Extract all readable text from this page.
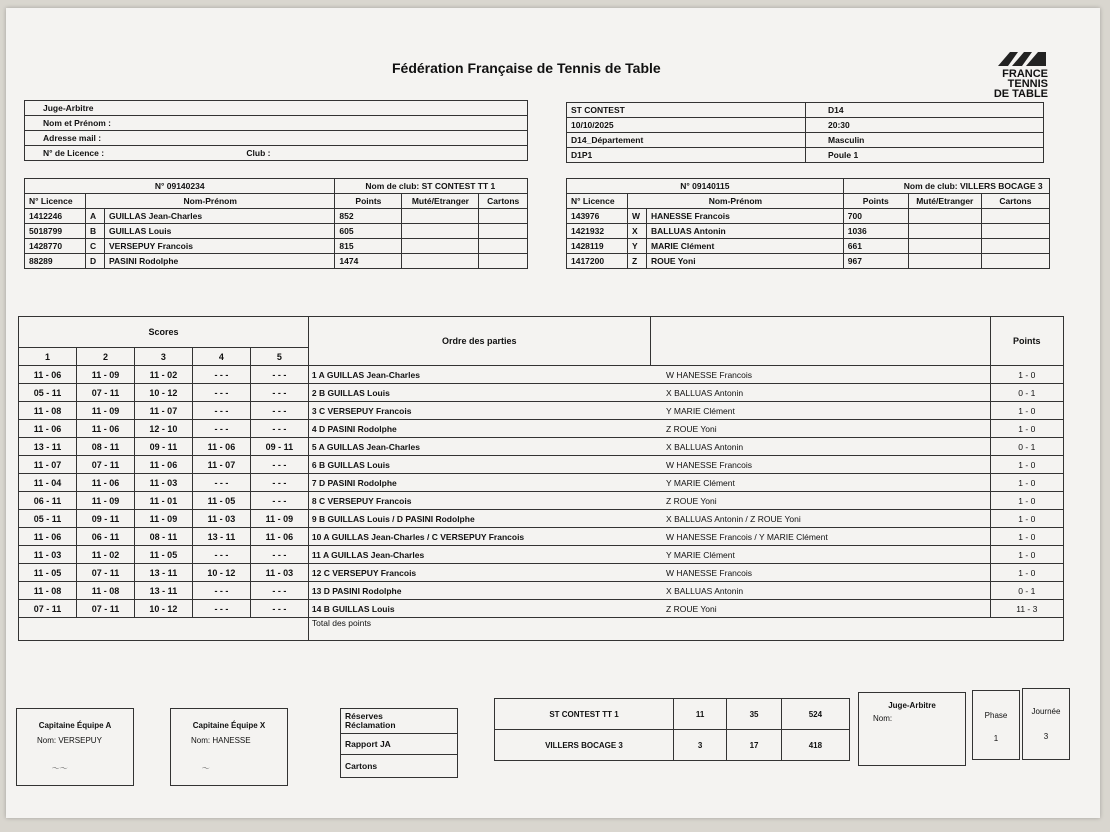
Fédération Française de Tennis de Table	FRANCE
TENNIS
DE TABLE
Juge-Arbitre
Nom et Prénom :
Adresse mail :
N° de Licence :	Club :
ST CONTEST	D14
10/10/2025	20:30
D14_Département	Masculin
D1P1	Poule 1
N° 09140234			Nom de club: ST CONTEST TT 1		
N° Licence	Nom-Prénom		Points	Muté/Etranger	Cartons
1412246	A	GUILLAS Jean-Charles	852		
5018799	B	GUILLAS Louis	605		
1428770	C	VERSEPUY Francois	815		
88289	D	PASINI Rodolphe	1474		
N° 09140115			Nom de club: VILLERS BOCAGE 3		
N° Licence	Nom-Prénom		Points	Muté/Etranger	Cartons
143976	W	HANESSE Francois	700		
1421932	X	BALLUAS Antonin	1036		
1428119	Y	MARIE Clément	661		
1417200	Z	ROUE Yoni	967		
Scores					Ordre des parties		Points
1	2	3	4	5			
11 - 06	11 - 09	11 - 02	- - -	- - -	1 A GUILLAS Jean-Charles	W HANESSE Francois	1 - 0
05 - 11	07 - 11	10 - 12	- - -	- - -	2 B GUILLAS Louis	X BALLUAS Antonin	0 - 1
11 - 08	11 - 09	11 - 07	- - -	- - -	3 C VERSEPUY Francois	Y MARIE Clément	1 - 0
11 - 06	11 - 06	12 - 10	- - -	- - -	4 D PASINI Rodolphe	Z ROUE Yoni	1 - 0
13 - 11	08 - 11	09 - 11	11 - 06	09 - 11	5 A GUILLAS Jean-Charles	X BALLUAS Antonin	0 - 1
11 - 07	07 - 11	11 - 06	11 - 07	- - -	6 B GUILLAS Louis	W HANESSE Francois	1 - 0
11 - 04	11 - 06	11 - 03	- - -	- - -	7 D PASINI Rodolphe	Y MARIE Clément	1 - 0
06 - 11	11 - 09	11 - 01	11 - 05	- - -	8 C VERSEPUY Francois	Z ROUE Yoni	1 - 0
05 - 11	09 - 11	11 - 09	11 - 03	11 - 09	9 B GUILLAS Louis / D PASINI Rodolphe	X BALLUAS Antonin / Z ROUE Yoni	1 - 0
11 - 06	06 - 11	08 - 11	13 - 11	11 - 06	10 A GUILLAS Jean-Charles / C VERSEPUY Francois	W HANESSE Francois / Y MARIE Clément	1 - 0
11 - 03	11 - 02	11 - 05	- - -	- - -	11 A GUILLAS Jean-Charles	Y MARIE Clément	1 - 0
11 - 05	07 - 11	13 - 11	10 - 12	11 - 03	12 C VERSEPUY Francois	W HANESSE Francois	1 - 0
11 - 08	11 - 08	13 - 11	- - -	- - -	13 D PASINI Rodolphe	X BALLUAS Antonin	0 - 1
07 - 11	07 - 11	10 - 12	- - -	- - -	14 B GUILLAS Louis	Z ROUE Yoni	11 - 3
					Total des points		
Capitaine Équipe A
Nom: VERSEPUY
～～
Capitaine Équipe X
Nom: HANESSE
～
Réserves
Réclamation
Rapport JA
Cartons
ST CONTEST TT 1	11	35	524
VILLERS BOCAGE 3	3	17	418
Juge-Arbitre
Nom:	Phase
1
Journée
3
